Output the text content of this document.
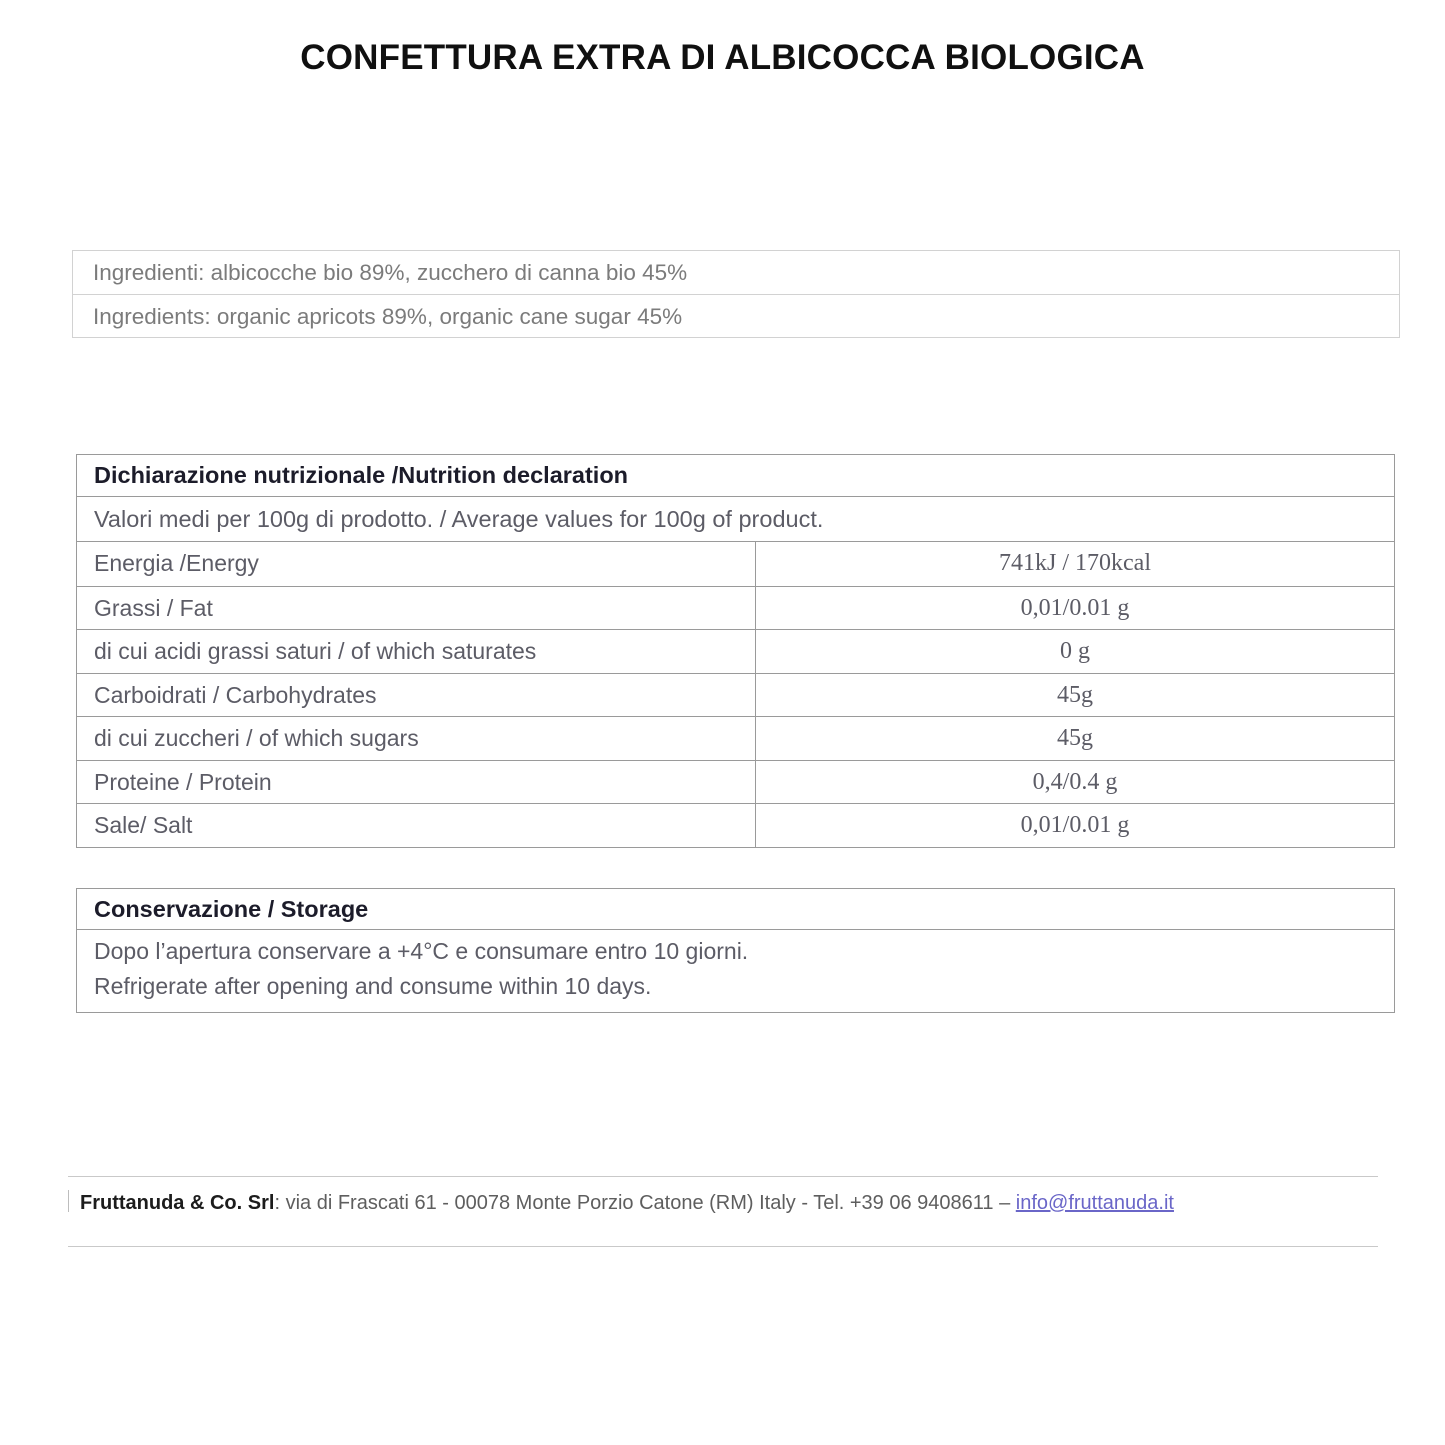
CONFETTURA EXTRA DI ALBICOCCA BIOLOGICA
Ingredienti: albicocche bio 89%, zucchero di canna bio 45%
Ingredients: organic apricots 89%, organic cane sugar 45%
Dichiarazione nutrizionale /Nutrition declaration
Valori medi per 100g di prodotto. / Average values for 100g of product.
Energia /Energy	741kJ / 170kcal
Grassi / Fat	0,01/0.01 g
di cui acidi grassi saturi / of which saturates	0 g
Carboidrati / Carbohydrates	45g
di cui zuccheri / of which sugars	45g
Proteine / Protein	0,4/0.4 g
Sale/ Salt	0,01/0.01 g
Conservazione / Storage
Dopo l’apertura conservare a +4°C e consumare entro 10 giorni.
Refrigerate after opening and consume within 10 days.
Fruttanuda & Co. Srl: via di Frascati 61 - 00078 Monte Porzio Catone (RM) Italy - Tel. +39 06 9408611 – info@fruttanuda.it
